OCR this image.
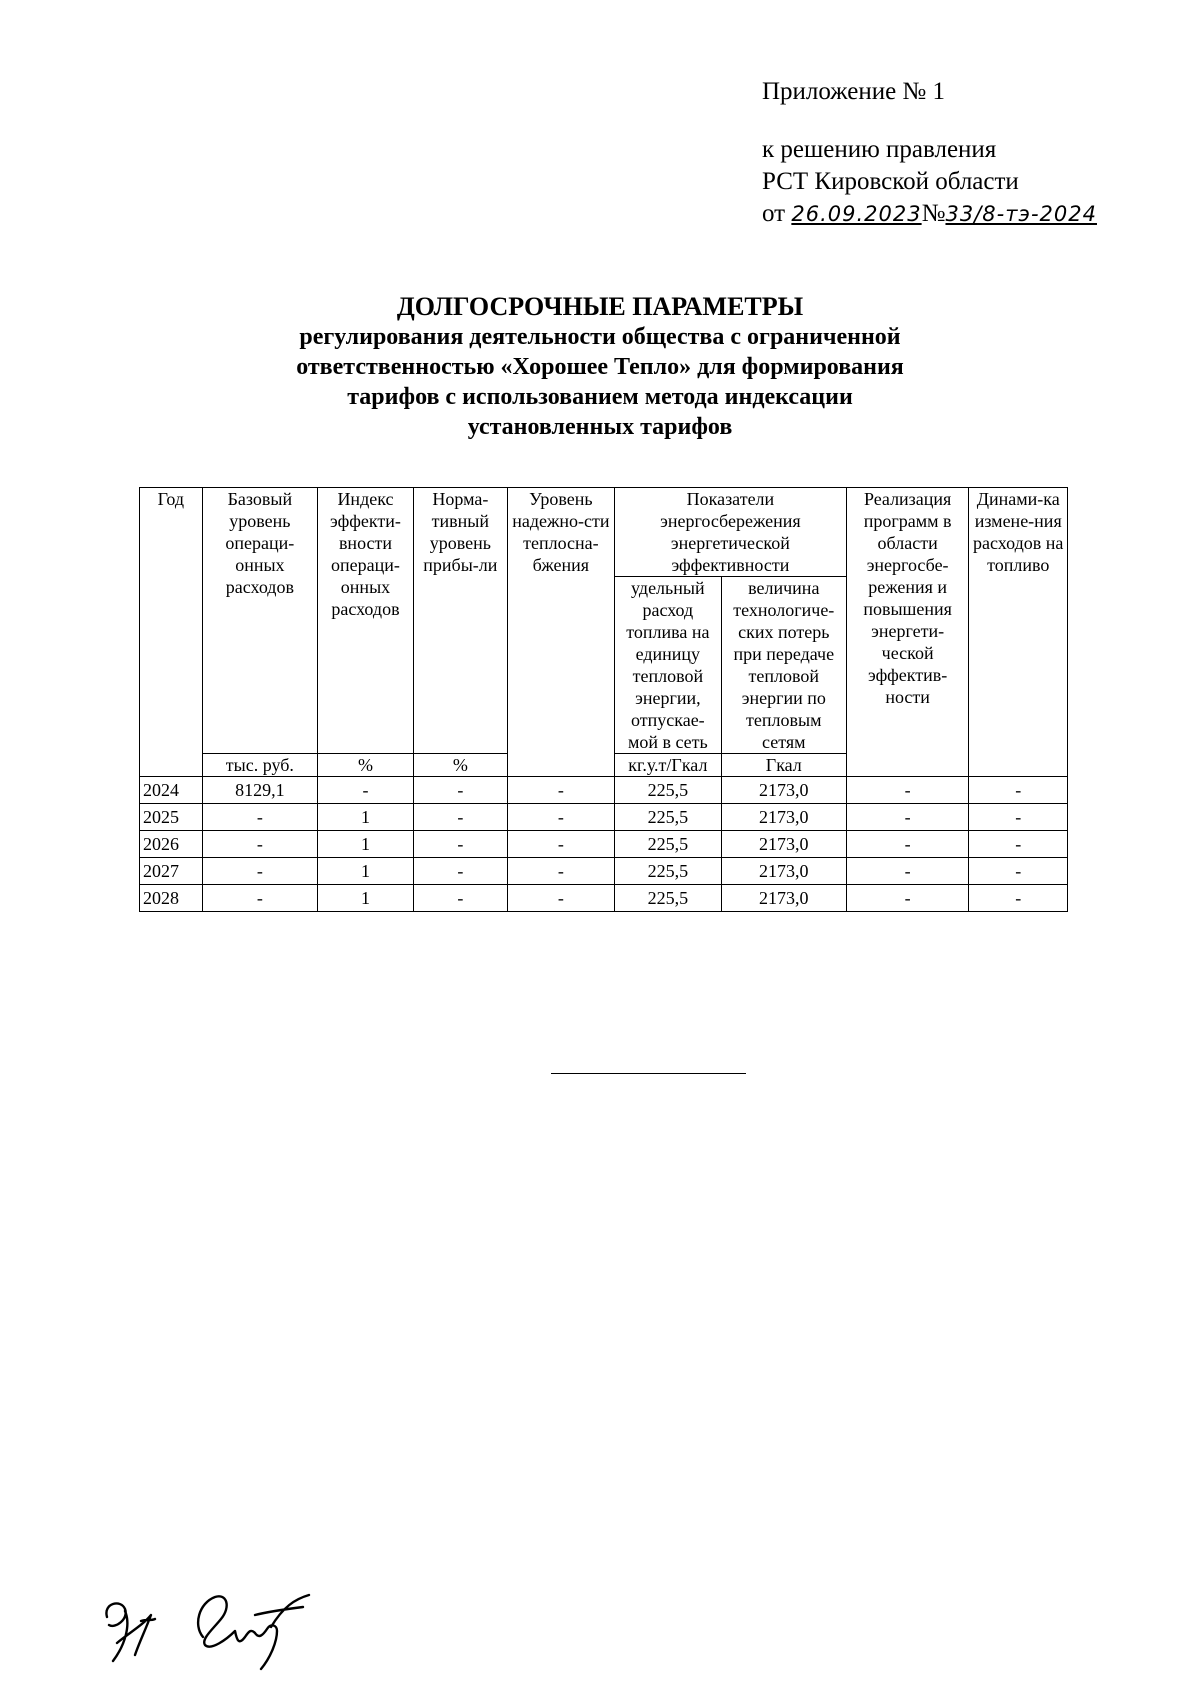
Приложение № 1
к решению правления
РСТ Кировской области
от 26.09.2023№33/8-тэ-2024
ДОЛГОСРОЧНЫЕ ПАРАМЕТРЫ
регулирования деятельности общества с ограниченной
ответственностью «Хорошее Тепло» для формирования
тарифов с использованием метода индексации
установленных тарифов
Год	Базовый уровень операци-онных расходов	Индекс эффекти-вности операци-онных расходов	Норма-тивный уровень прибы-ли	Уровень надежно-сти теплосна-бжения	Показатели энергосбережения энергетической эффективности		Реализация программ в области энергосбе-режения и повышения энергети-ческой эффектив-ности	Динами-ка измене-ния расходов на топливо
					удельный расход топлива на единицу тепловой энергии, отпускае-мой в сеть	величина технологиче-ских потерь при передаче тепловой энергии по тепловым сетям		
	тыс. руб.	%	%		кг.у.т/Гкал	Гкал		
2024	8129,1	-	-	-	225,5	2173,0	-	-
2025	-	1	-	-	225,5	2173,0	-	-
2026	-	1	-	-	225,5	2173,0	-	-
2027	-	1	-	-	225,5	2173,0	-	-
2028	-	1	-	-	225,5	2173,0	-	-
